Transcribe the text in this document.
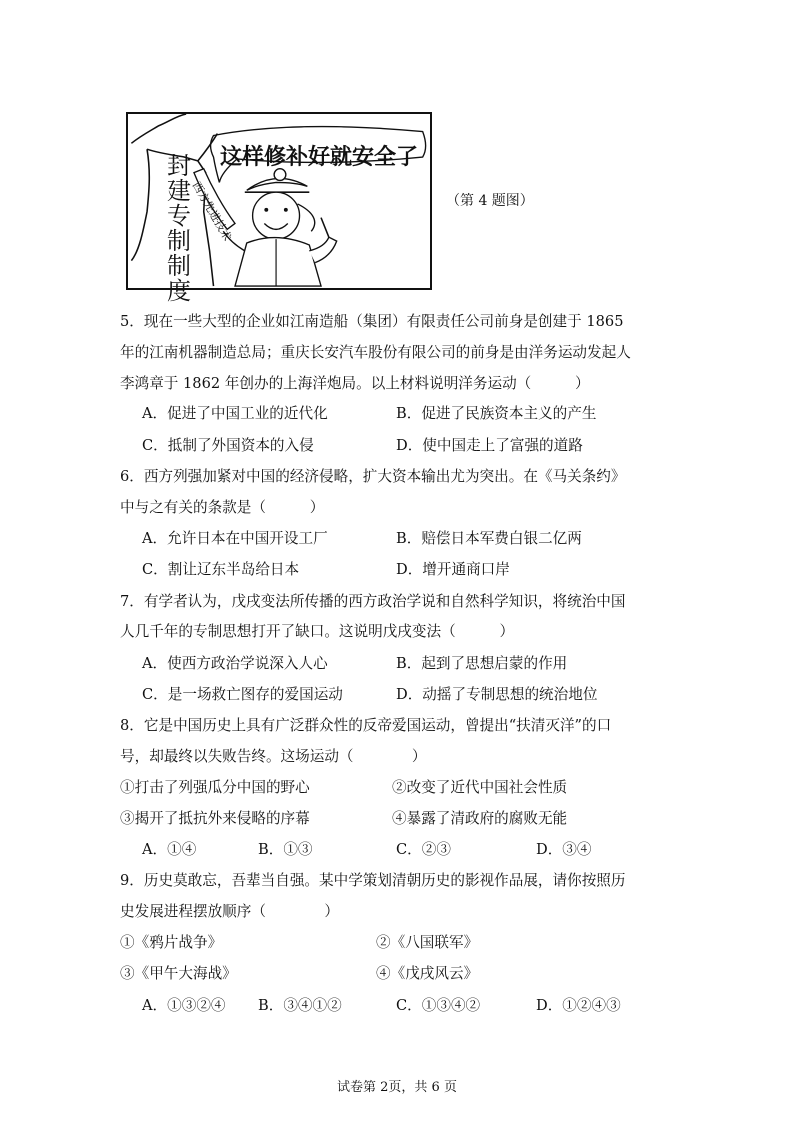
这样修补好就安全了
封建专制制度
西方先进技术	（第 4 题图）
5．现在一些大型的企业如江南造船（集团）有限责任公司前身是创建于 1865
年的江南机器制造总局；重庆长安汽车股份有限公司的前身是由洋务运动发起人
李鸿章于 1862 年创办的上海洋炮局。以上材料说明洋务运动（　　　）
A．促进了中国工业的近代化	B．促进了民族资本主义的产生
C．抵制了外国资本的入侵	D．使中国走上了富强的道路
6．西方列强加紧对中国的经济侵略，扩大资本输出尤为突出。在《马关条约》
中与之有关的条款是（　　　）
A．允许日本在中国开设工厂	B．赔偿日本军费白银二亿两
C．割让辽东半岛给日本	D．增开通商口岸
7．有学者认为，戊戌变法所传播的西方政治学说和自然科学知识，将统治中国
人几千年的专制思想打开了缺口。这说明戊戌变法（　　　）
A．使西方政治学说深入人心	B．起到了思想启蒙的作用
C．是一场救亡图存的爱国运动	D．动摇了专制思想的统治地位
8．它是中国历史上具有广泛群众性的反帝爱国运动，曾提出“扶清灭洋”的口
号，却最终以失败告终。这场运动（　　　　）
①打击了列强瓜分中国的野心	②改变了近代中国社会性质
③揭开了抵抗外来侵略的序幕	④暴露了清政府的腐败无能
A．①④	B．①③	C．②③	D．③④
9．历史莫敢忘，吾辈当自强。某中学策划清朝历史的影视作品展，请你按照历
史发展进程摆放顺序（　　　　）
①《鸦片战争》	②《八国联军》
③《甲午大海战》	④《戊戌风云》
A．①③②④ B．③④①②	C．①③④②	D．①②④③
试卷第 2页，共 6 页
